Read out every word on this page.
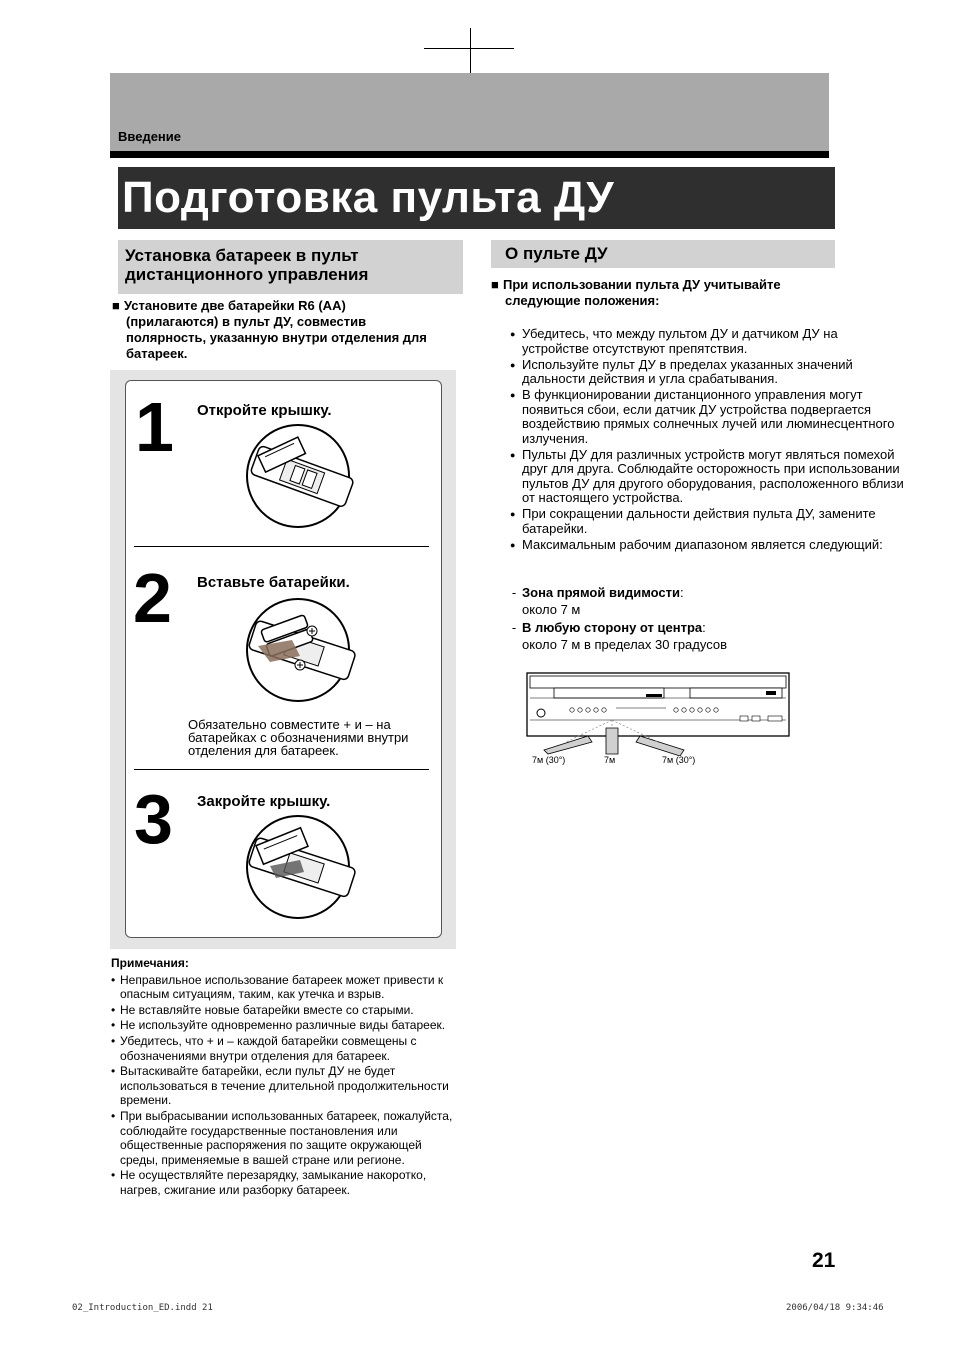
Введение
Подготовка пульта ДУ
Установка батареек в пульт дистанционного управления
■ Установите две батарейки R6 (AA)
(прилагаются) в пульт ДУ, совместив
полярность, указанную внутри отделения для
батареек.
1 Откройте крышку.
2 Вставьте батарейки.
Обязательно совместите + и – на батарейках с обозначениями внутри отделения для батареек.
3 Закройте крышку.
Примечания:
• Неправильное использование батареек может привести к опасным ситуациям, таким, как утечка и взрыв.
• Не вставляйте новые батарейки вместе со старыми.
• Не используйте одновременно различные виды батареек.
• Убедитесь, что + и – каждой батарейки совмещены с обозначениями внутри отделения для батареек.
• Вытаскивайте батарейки, если пульт ДУ не будет использоваться в течение длительной продолжительности времени.
• При выбрасывании использованных батареек, пожалуйста, соблюдайте государственные постановления или общественные распоряжения по защите окружающей среды, применяемые в вашей стране или регионе.
• Не осуществляйте перезарядку, замыкание накоротко, нагрев, сжигание или разборку батареек.
О пульте ДУ
■ При использовании пульта ДУ учитывайте
следующие положения:
● Убедитесь, что между пультом ДУ и датчиком ДУ на устройстве отсутствуют препятствия.
● Используйте пульт ДУ в пределах указанных значений дальности действия и угла срабатывания.
● В функционировании дистанционного управления могут появиться сбои, если датчик ДУ устройства подвергается воздействию прямых солнечных лучей или люминесцентного излучения.
● Пульты ДУ для различных устройств могут являться помехой друг для друга. Соблюдайте осторожность при использовании пультов ДУ для другого оборудования, расположенного вблизи от настоящего устройства.
● При сокращении дальности действия пульта ДУ, замените батарейки.
● Максимальным рабочим диапазоном является следующий:
- Зона прямой видимости:
около 7 м
- В любую сторону от центра:
около 7 м в пределах 30 градусов
7м (30°)	7м	7м (30°)
21
02_Introduction_ED.indd 21	2006/04/18 9:34:46
